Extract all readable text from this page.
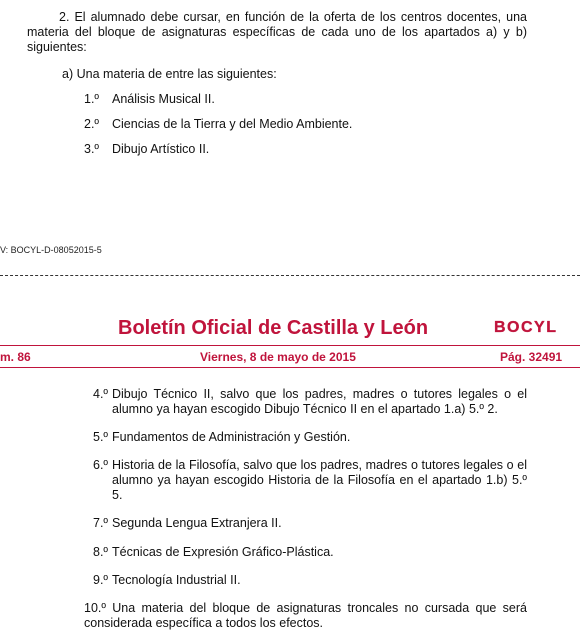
2. El alumnado debe cursar, en función de la oferta de los centros docentes, una materia del bloque de asignaturas específicas de cada uno de los apartados a) y b) siguientes:
a) Una materia de entre las siguientes:
1.º Análisis Musical II.
2.º Ciencias de la Tierra y del Medio Ambiente.
3.º Dibujo Artístico II.
V: BOCYL-D-08052015-5
Boletín Oficial de Castilla y León	BOCYL
m. 86	Viernes, 8 de mayo de 2015	Pág. 32491
4.º Dibujo Técnico II, salvo que los padres, madres o tutores legales o el alumno ya hayan escogido Dibujo Técnico II en el apartado 1.a) 5.º 2.
5.º Fundamentos de Administración y Gestión.
6.º Historia de la Filosofía, salvo que los padres, madres o tutores legales o el alumno ya hayan escogido Historia de la Filosofía en el apartado 1.b) 5.º 5.
7.º Segunda Lengua Extranjera II.
8.º Técnicas de Expresión Gráfico-Plástica.
9.º Tecnología Industrial II.
10.º Una materia del bloque de asignaturas troncales no cursada que será considerada específica a todos los efectos.
